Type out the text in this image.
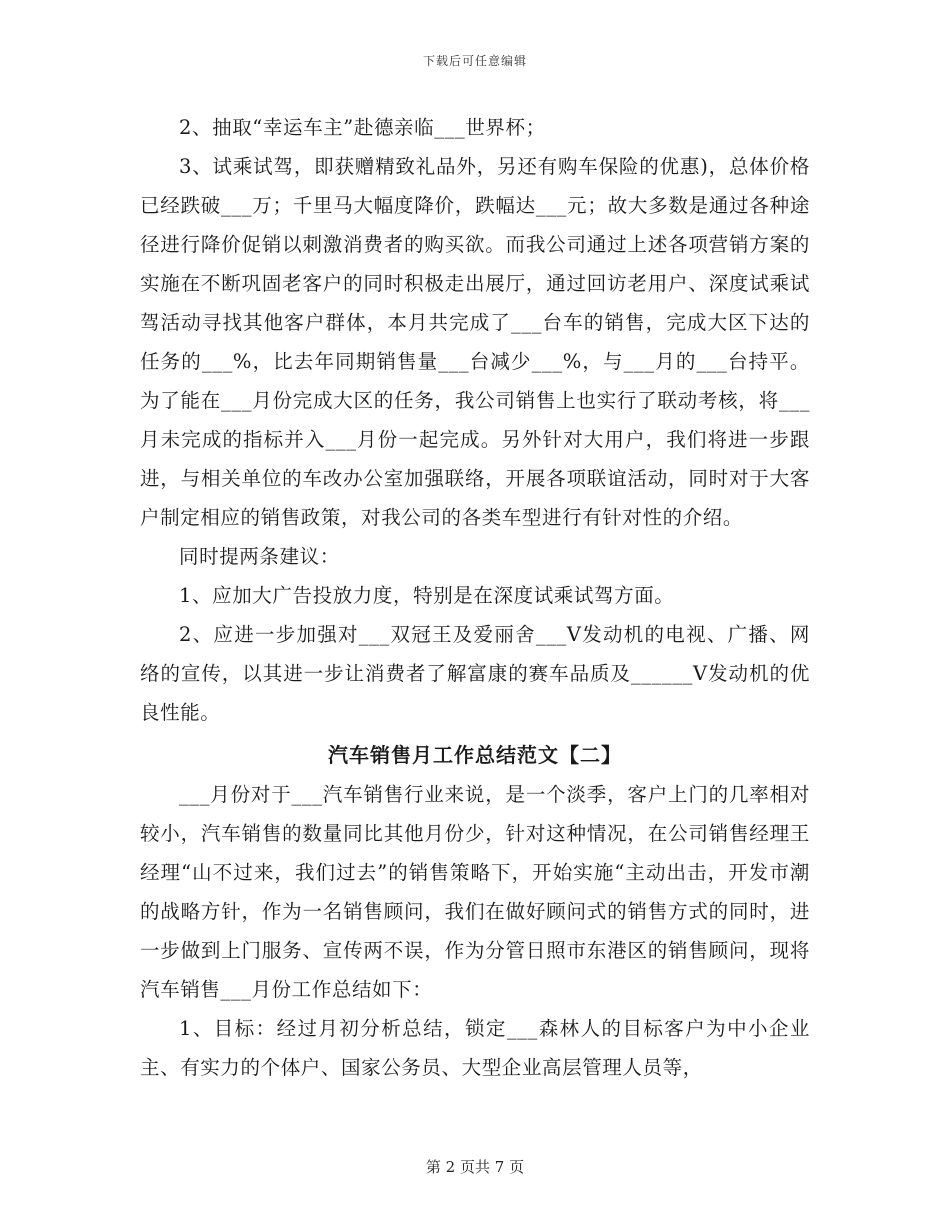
下载后可任意编辑

2、抽取“幸运车主”赴德亲临___世界杯；

3、试乘试驾，即获赠精致礼品外，另还有购车保险的优惠)，总体价格已经跌破___万；千里马大幅度降价，跌幅达___元；故大多数是通过各种途径进行降价促销以刺激消费者的购买欲。而我公司通过上述各项营销方案的实施在不断巩固老客户的同时积极走出展厅，通过回访老用户、深度试乘试驾活动寻找其他客户群体，本月共完成了___台车的销售，完成大区下达的任务的___%，比去年同期销售量___台减少___%，与___月的___台持平。为了能在___月份完成大区的任务，我公司销售上也实行了联动考核，将___月未完成的指标并入___月份一起完成。另外针对大用户，我们将进一步跟进，与相关单位的车改办公室加强联络，开展各项联谊活动，同时对于大客户制定相应的销售政策，对我公司的各类车型进行有针对性的介绍。

同时提两条建议：

1、应加大广告投放力度，特别是在深度试乘试驾方面。

2、应进一步加强对___双冠王及爱丽舍___V发动机的电视、广播、网络的宣传，以其进一步让消费者了解富康的赛车品质及______V发动机的优良性能。

汽车销售月工作总结范文【二】

___月份对于___汽车销售行业来说，是一个淡季，客户上门的几率相对较小，汽车销售的数量同比其他月份少，针对这种情况，在公司销售经理王经理“山不过来，我们过去”的销售策略下，开始实施“主动出击，开发市潮的战略方针，作为一名销售顾问，我们在做好顾问式的销售方式的同时，进一步做到上门服务、宣传两不误，作为分管日照市东港区的销售顾问，现将汽车销售___月份工作总结如下：

1、目标：经过月初分析总结，锁定___森林人的目标客户为中小企业主、有实力的个体户、国家公务员、大型企业高层管理人员等，

第 2 页共 7 页
